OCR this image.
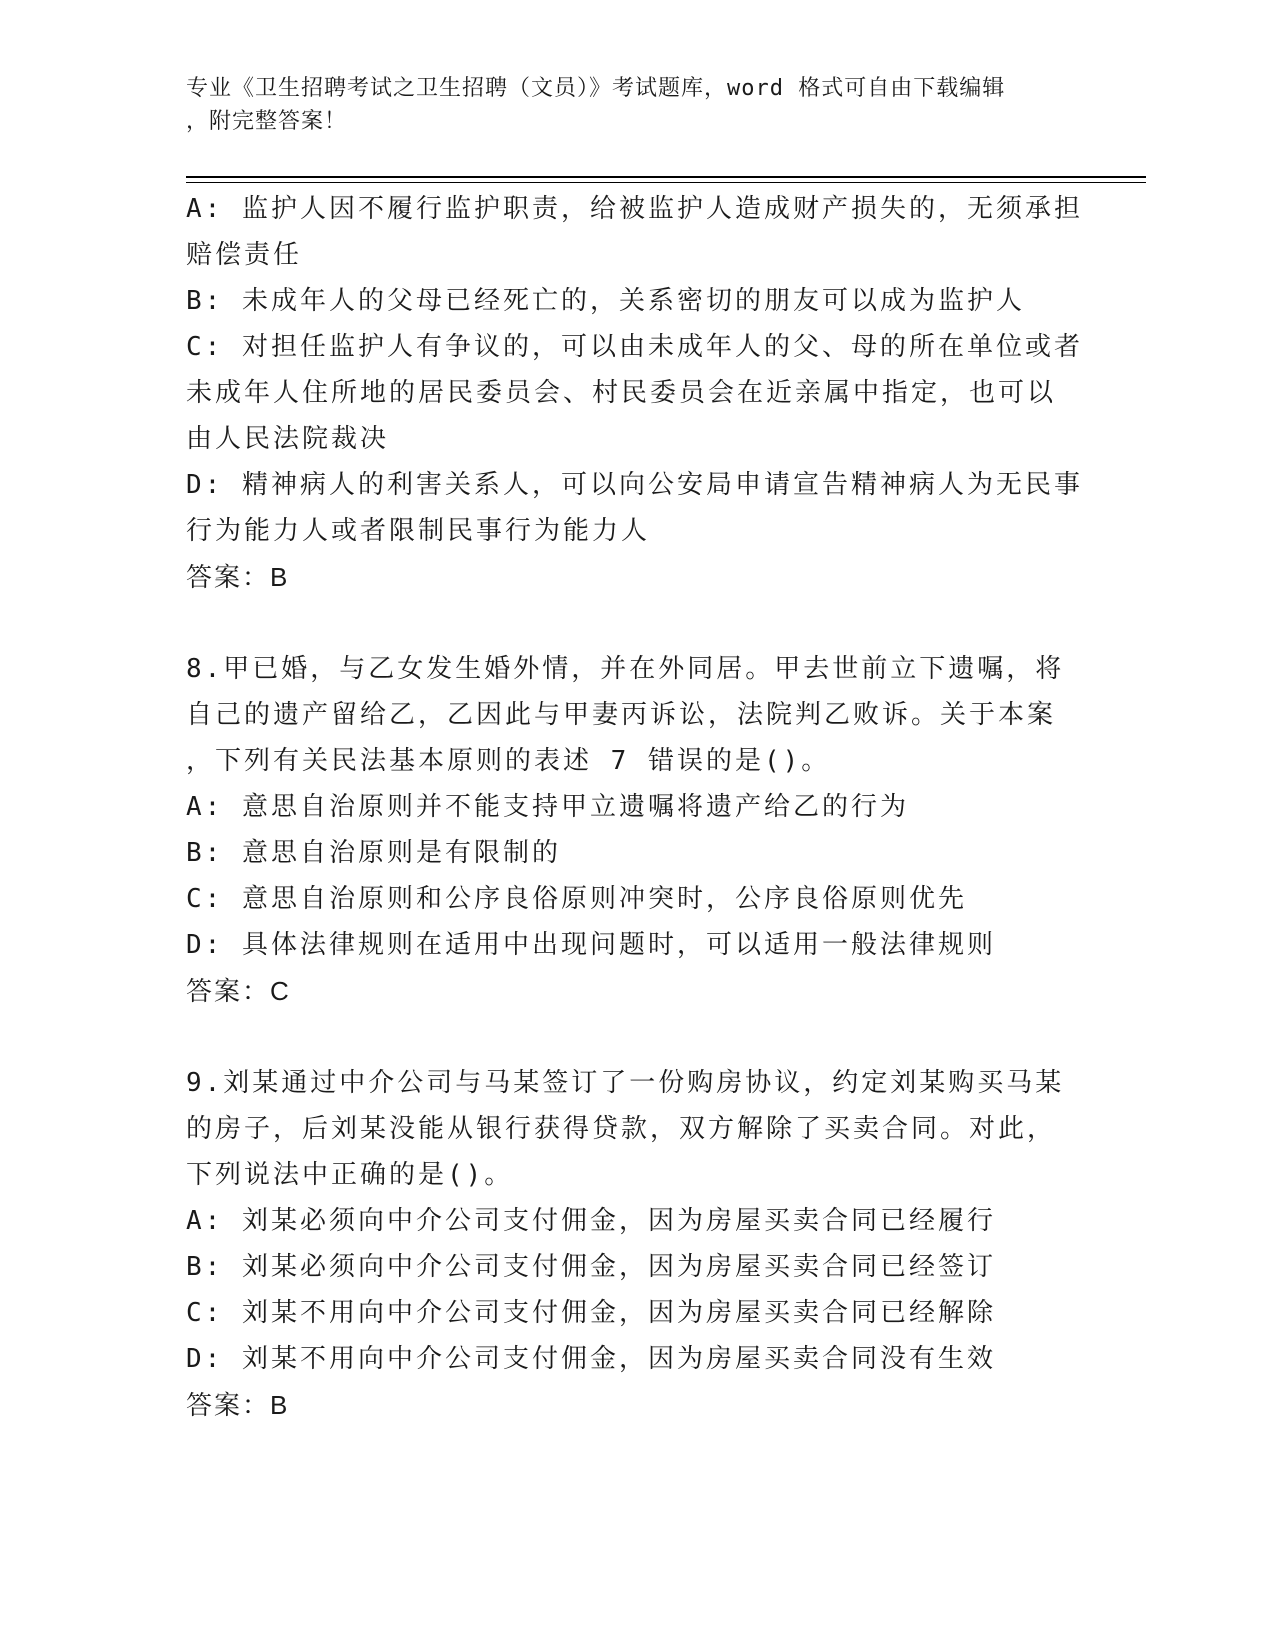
专业《卫生招聘考试之卫生招聘（文员）》考试题库，word 格式可自由下载编辑
，附完整答案！
A: 监护人因不履行监护职责，给被监护人造成财产损失的，无须承担
赔偿责任
B: 未成年人的父母已经死亡的，关系密切的朋友可以成为监护人
C: 对担任监护人有争议的，可以由未成年人的父、母的所在单位或者
未成年人住所地的居民委员会、村民委员会在近亲属中指定，也可以
由人民法院裁决
D: 精神病人的利害关系人，可以向公安局申请宣告精神病人为无民事
行为能力人或者限制民事行为能力人
答案：B
8.甲已婚，与乙女发生婚外情，并在外同居。甲去世前立下遗嘱，将
自己的遗产留给乙，乙因此与甲妻丙诉讼，法院判乙败诉。关于本案
，下列有关民法基本原则的表述 7 错误的是()。
A: 意思自治原则并不能支持甲立遗嘱将遗产给乙的行为
B: 意思自治原则是有限制的
C: 意思自治原则和公序良俗原则冲突时，公序良俗原则优先
D: 具体法律规则在适用中出现问题时，可以适用一般法律规则
答案：C
9.刘某通过中介公司与马某签订了一份购房协议，约定刘某购买马某
的房子，后刘某没能从银行获得贷款，双方解除了买卖合同。对此，
下列说法中正确的是()。
A: 刘某必须向中介公司支付佣金，因为房屋买卖合同已经履行
B: 刘某必须向中介公司支付佣金，因为房屋买卖合同已经签订
C: 刘某不用向中介公司支付佣金，因为房屋买卖合同已经解除
D: 刘某不用向中介公司支付佣金，因为房屋买卖合同没有生效
答案：B
